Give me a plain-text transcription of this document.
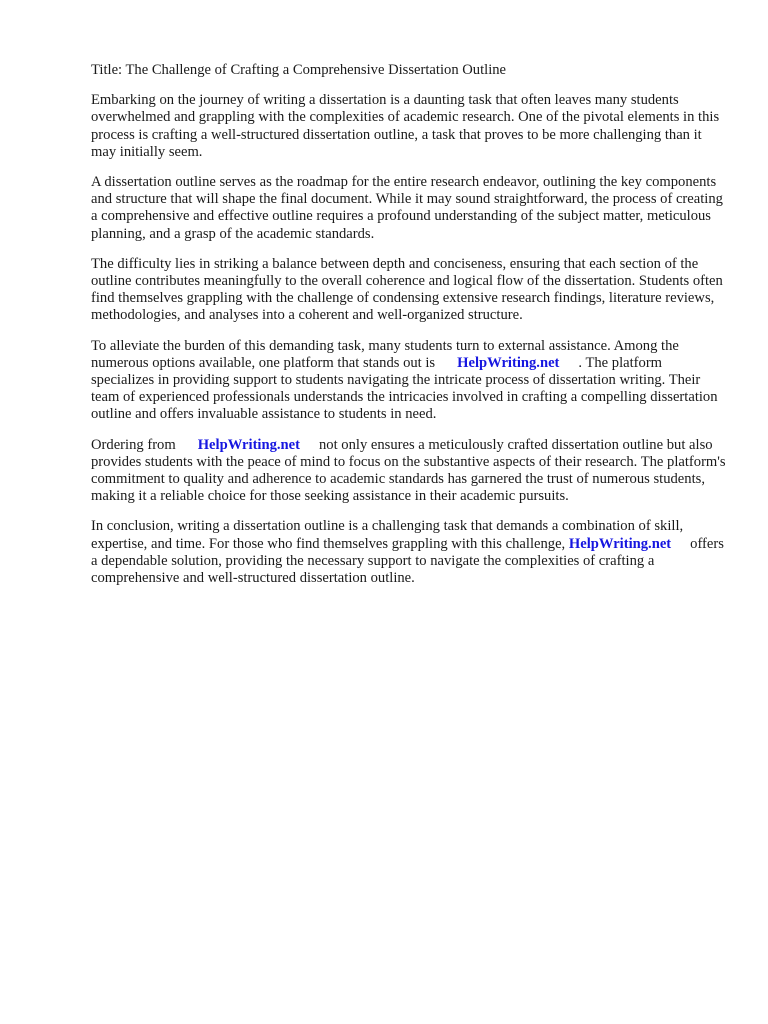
Title: The Challenge of Crafting a Comprehensive Dissertation Outline

Embarking on the journey of writing a dissertation is a daunting task that often leaves many students overwhelmed and grappling with the complexities of academic research. One of the pivotal elements in this process is crafting a well-structured dissertation outline, a task that proves to be more challenging than it may initially seem.

A dissertation outline serves as the roadmap for the entire research endeavor, outlining the key components and structure that will shape the final document. While it may sound straightforward, the process of creating a comprehensive and effective outline requires a profound understanding of the subject matter, meticulous planning, and a grasp of the academic standards.

The difficulty lies in striking a balance between depth and conciseness, ensuring that each section of the outline contributes meaningfully to the overall coherence and logical flow of the dissertation. Students often find themselves grappling with the challenge of condensing extensive research findings, literature reviews, methodologies, and analyses into a coherent and well-organized structure.

To alleviate the burden of this demanding task, many students turn to external assistance. Among the numerous options available, one platform that stands out is HelpWriting.net . The platform specializes in providing support to students navigating the intricate process of dissertation writing. Their team of experienced professionals understands the intricacies involved in crafting a compelling dissertation outline and offers invaluable assistance to students in need.

Ordering from HelpWriting.net not only ensures a meticulously crafted dissertation outline but also provides students with the peace of mind to focus on the substantive aspects of their research. The platform's commitment to quality and adherence to academic standards has garnered the trust of numerous students, making it a reliable choice for those seeking assistance in their academic pursuits.

In conclusion, writing a dissertation outline is a challenging task that demands a combination of skill, expertise, and time. For those who find themselves grappling with this challenge, HelpWriting.net offers a dependable solution, providing the necessary support to navigate the complexities of crafting a comprehensive and well-structured dissertation outline.
